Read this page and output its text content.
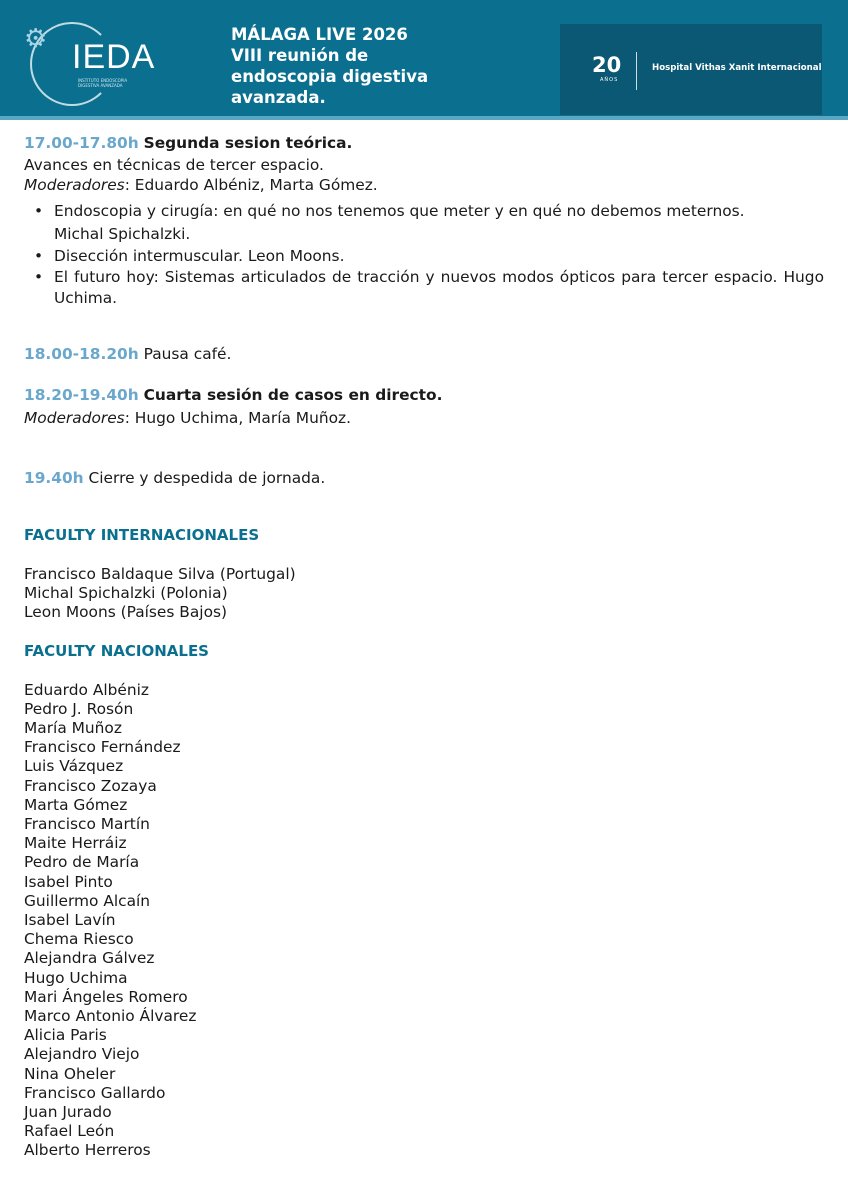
⚙ IEDA
INSTITUTO ENDOSCOPIA DIGESTIVA AVANZADA
MÁLAGA LIVE 2026
VIII reunión de
endoscopia digestiva
avanzada.
20
AÑOS
Hospital Vithas Xanit Internacional
17.00-17.80h Segunda sesion teórica.
Avances en técnicas de tercer espacio.
Moderadores: Eduardo Albéniz, Marta Gómez.
• Endoscopia y cirugía: en qué no nos tenemos que meter y en qué no debemos meternos.
Michal Spichalzki.
• Disección intermuscular. Leon Moons.
• El futuro hoy: Sistemas articulados de tracción y nuevos modos ópticos para tercer espacio. Hugo Uchima.
18.00-18.20h Pausa café.
18.20-19.40h Cuarta sesión de casos en directo.
Moderadores: Hugo Uchima, María Muñoz.
19.40h Cierre y despedida de jornada.
FACULTY INTERNACIONALES
Francisco Baldaque Silva (Portugal)
Michal Spichalzki (Polonia)
Leon Moons (Países Bajos)
FACULTY NACIONALES
Eduardo Albéniz
Pedro J. Rosón
María Muñoz
Francisco Fernández
Luis Vázquez
Francisco Zozaya
Marta Gómez
Francisco Martín
Maite Herráiz
Pedro de María
Isabel Pinto
Guillermo Alcaín
Isabel Lavín
Chema Riesco
Alejandra Gálvez
Hugo Uchima
Mari Ángeles Romero
Marco Antonio Álvarez
Alicia Paris
Alejandro Viejo
Nina Oheler
Francisco Gallardo
Juan Jurado
Rafael León
Alberto Herreros
